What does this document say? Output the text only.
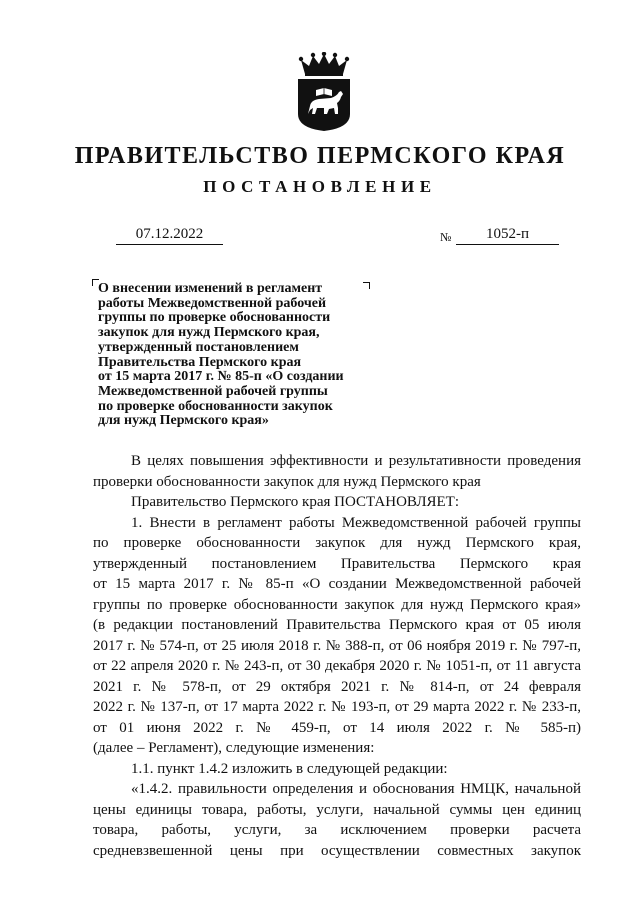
ПРАВИТЕЛЬСТВО ПЕРМСКОГО КРАЯ
ПОСТАНОВЛЕНИЕ
07.12.2022	№	1052-п
О внесении изменений в регламент
работы Межведомственной рабочей
группы по проверке обоснованности
закупок для нужд Пермского края,
утвержденный постановлением
Правительства Пермского края
от 15 марта 2017 г. № 85-п «О создании
Межведомственной рабочей группы
по проверке обоснованности закупок
для нужд Пермского края»
В целях повышения эффективности и результативности проведения
проверки обоснованности закупок для нужд Пермского края
Правительство Пермского края ПОСТАНОВЛЯЕТ:
1. Внести в регламент работы Межведомственной рабочей группы
по проверке обоснованности закупок для нужд Пермского края,
утвержденный постановлением Правительства Пермского края
от 15 марта 2017 г. № 85-п «О создании Межведомственной рабочей
группы по проверке обоснованности закупок для нужд Пермского края»
(в редакции постановлений Правительства Пермского края от 05 июля
2017 г. № 574-п, от 25 июля 2018 г. № 388-п, от 06 ноября 2019 г. № 797-п,
от 22 апреля 2020 г. № 243-п, от 30 декабря 2020 г. № 1051-п, от 11 августа
2021 г. № 578-п, от 29 октября 2021 г. № 814-п, от 24 февраля
2022 г. № 137-п, от 17 марта 2022 г. № 193-п, от 29 марта 2022 г. № 233-п,
от 01 июня 2022 г. № 459-п, от 14 июля 2022 г. № 585-п)
(далее – Регламент), следующие изменения:
1.1. пункт 1.4.2 изложить в следующей редакции:
«1.4.2. правильности определения и обоснования НМЦК, начальной
цены единицы товара, работы, услуги, начальной суммы цен единиц
товара, работы, услуги, за исключением проверки расчета
средневзвешенной цены при осуществлении совместных закупок
